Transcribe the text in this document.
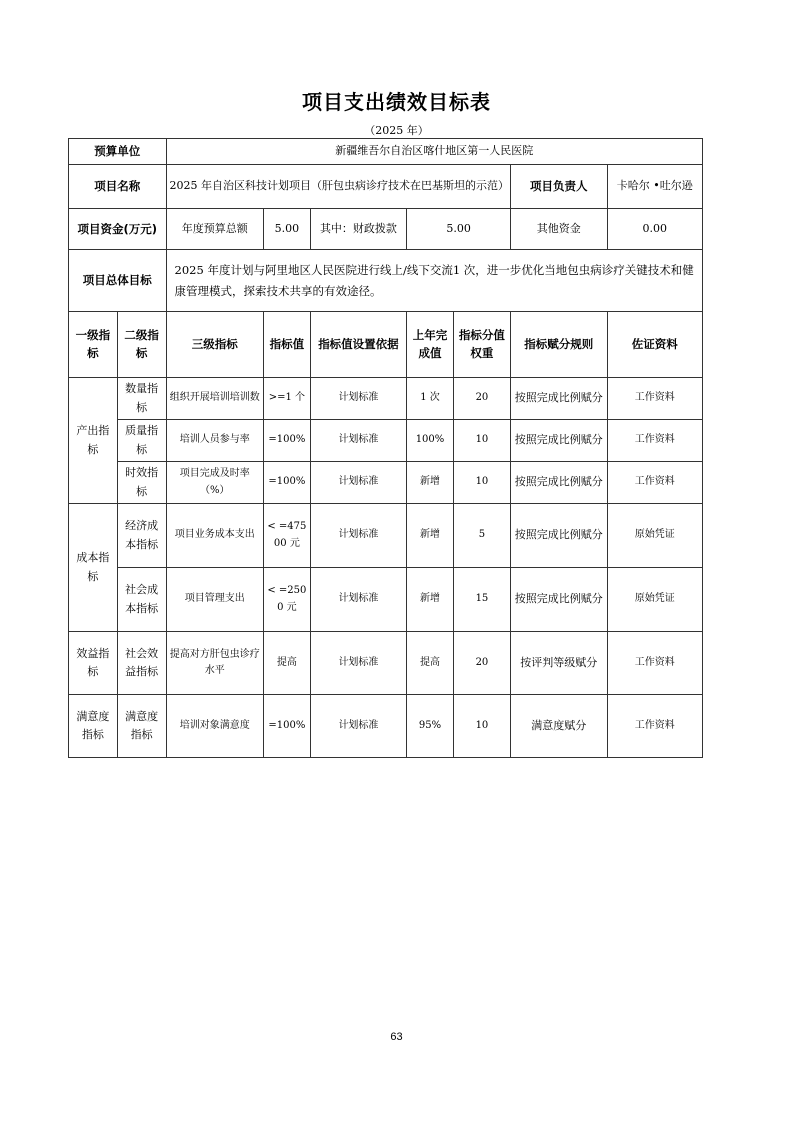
项目支出绩效目标表
（2025 年）
预算单位		新疆维吾尔自治区喀什地区第一人民医院						
项目名称		2025 年自治区科技计划项目（肝包虫病诊疗技术在巴基斯坦的示范）					项目负责人	卡哈尔 •吐尔逊
项目资金(万元)		年度预算总额	5.00	其中：财政拨款	5.00		其他资金	0.00
项目总体目标		2025 年度计划与阿里地区人民医院进行线上/线下交流1 次，进一步优化当地包虫病诊疗关键技术和健康管理模式，探索技术共享的有效途径。						
一级指标	二级指标	三级指标	指标值	指标值设置依据	上年完成值	指标分值权重	指标赋分规则	佐证资料
产出指标	数量指标	组织开展培训培训数	>=1 个	计划标准	1 次	20	按照完成比例赋分	工作资料
	质量指标	培训人员参与率	=100%	计划标准	100%	10	按照完成比例赋分	工作资料
	时效指标	项目完成及时率（%）	=100%	计划标准	新增	10	按照完成比例赋分	工作资料
成本指标	经济成本指标	项目业务成本支出	< =47500 元	计划标准	新增	5	按照完成比例赋分	原始凭证
	社会成本指标	项目管理支出	< =2500 元	计划标准	新增	15	按照完成比例赋分	原始凭证
效益指标	社会效益指标	提高对方肝包虫诊疗水平	提高	计划标准	提高	20	按评判等级赋分	工作资料
满意度指标	满意度指标	培训对象满意度	=100%	计划标准	95%	10	满意度赋分	工作资料
63
